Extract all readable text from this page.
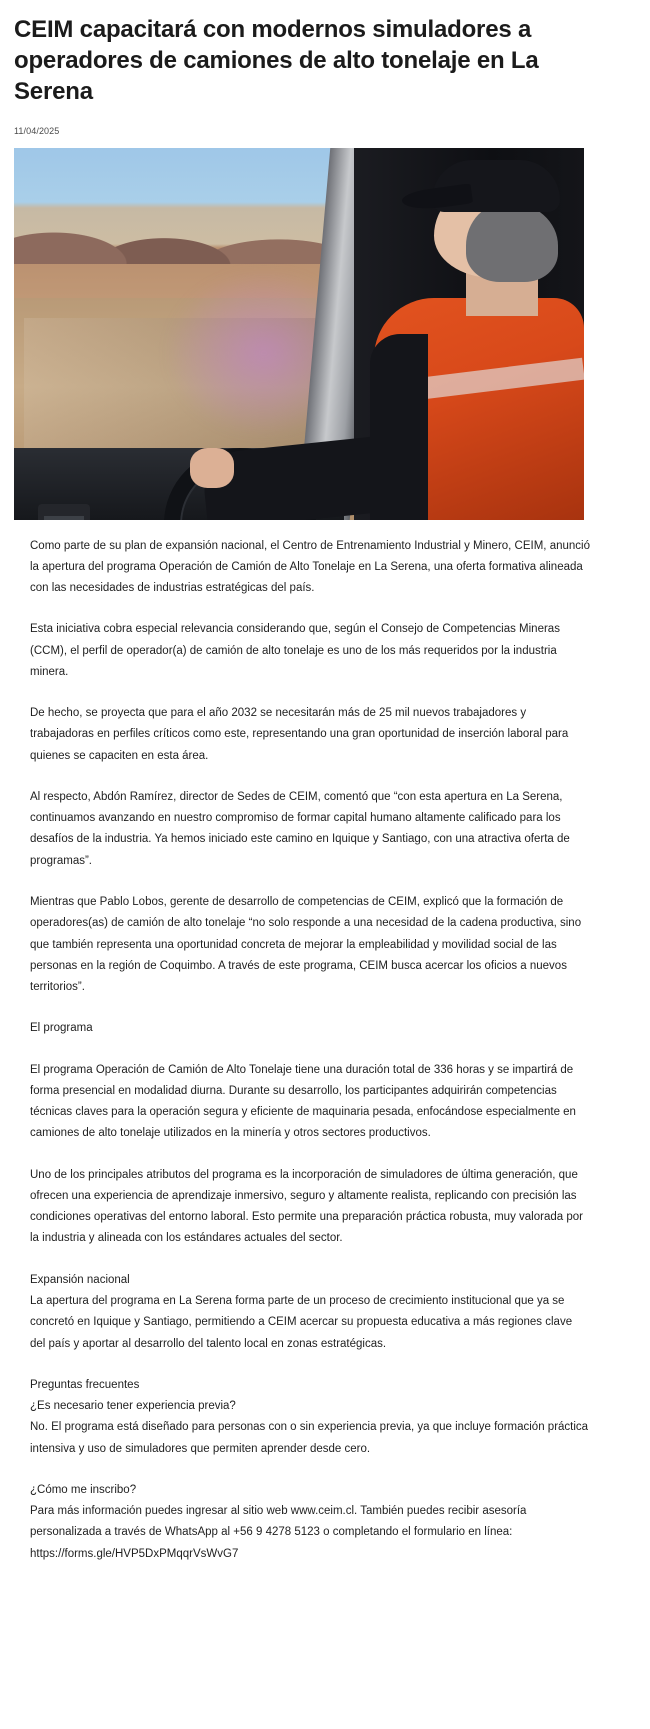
CEIM capacitará con modernos simuladores a operadores de camiones de alto tonelaje en La Serena
11/04/2025

Como parte de su plan de expansión nacional, el Centro de Entrenamiento Industrial y Minero, CEIM, anunció la apertura del programa Operación de Camión de Alto Tonelaje en La Serena, una oferta formativa alineada con las necesidades de industrias estratégicas del país.

Esta iniciativa cobra especial relevancia considerando que, según el Consejo de Competencias Mineras (CCM), el perfil de operador(a) de camión de alto tonelaje es uno de los más requeridos por la industria minera.

De hecho, se proyecta que para el año 2032 se necesitarán más de 25 mil nuevos trabajadores y trabajadoras en perfiles críticos como este, representando una gran oportunidad de inserción laboral para quienes se capaciten en esta área.

Al respecto, Abdón Ramírez, director de Sedes de CEIM, comentó que “con esta apertura en La Serena, continuamos avanzando en nuestro compromiso de formar capital humano altamente calificado para los desafíos de la industria. Ya hemos iniciado este camino en Iquique y Santiago, con una atractiva oferta de programas”.

Mientras que Pablo Lobos, gerente de desarrollo de competencias de CEIM, explicó que la formación de operadores(as) de camión de alto tonelaje “no solo responde a una necesidad de la cadena productiva, sino que también representa una oportunidad concreta de mejorar la empleabilidad y movilidad social de las personas en la región de Coquimbo. A través de este programa, CEIM busca acercar los oficios a nuevos territorios”.

El programa

El programa Operación de Camión de Alto Tonelaje tiene una duración total de 336 horas y se impartirá de forma presencial en modalidad diurna. Durante su desarrollo, los participantes adquirirán competencias técnicas claves para la operación segura y eficiente de maquinaria pesada, enfocándose especialmente en camiones de alto tonelaje utilizados en la minería y otros sectores productivos.

Uno de los principales atributos del programa es la incorporación de simuladores de última generación, que ofrecen una experiencia de aprendizaje inmersivo, seguro y altamente realista, replicando con precisión las condiciones operativas del entorno laboral. Esto permite una preparación práctica robusta, muy valorada por la industria y alineada con los estándares actuales del sector.

Expansión nacional

La apertura del programa en La Serena forma parte de un proceso de crecimiento institucional que ya se concretó en Iquique y Santiago, permitiendo a CEIM acercar su propuesta educativa a más regiones clave del país y aportar al desarrollo del talento local en zonas estratégicas.

Preguntas frecuentes

¿Es necesario tener experiencia previa?

No. El programa está diseñado para personas con o sin experiencia previa, ya que incluye formación práctica intensiva y uso de simuladores que permiten aprender desde cero.

¿Cómo me inscribo?

Para más información puedes ingresar al sitio web www.ceim.cl. También puedes recibir asesoría personalizada a través de WhatsApp al +56 9 4278 5123 o completando el formulario en línea: https://forms.gle/HVP5DxPMqqrVsWvG7
